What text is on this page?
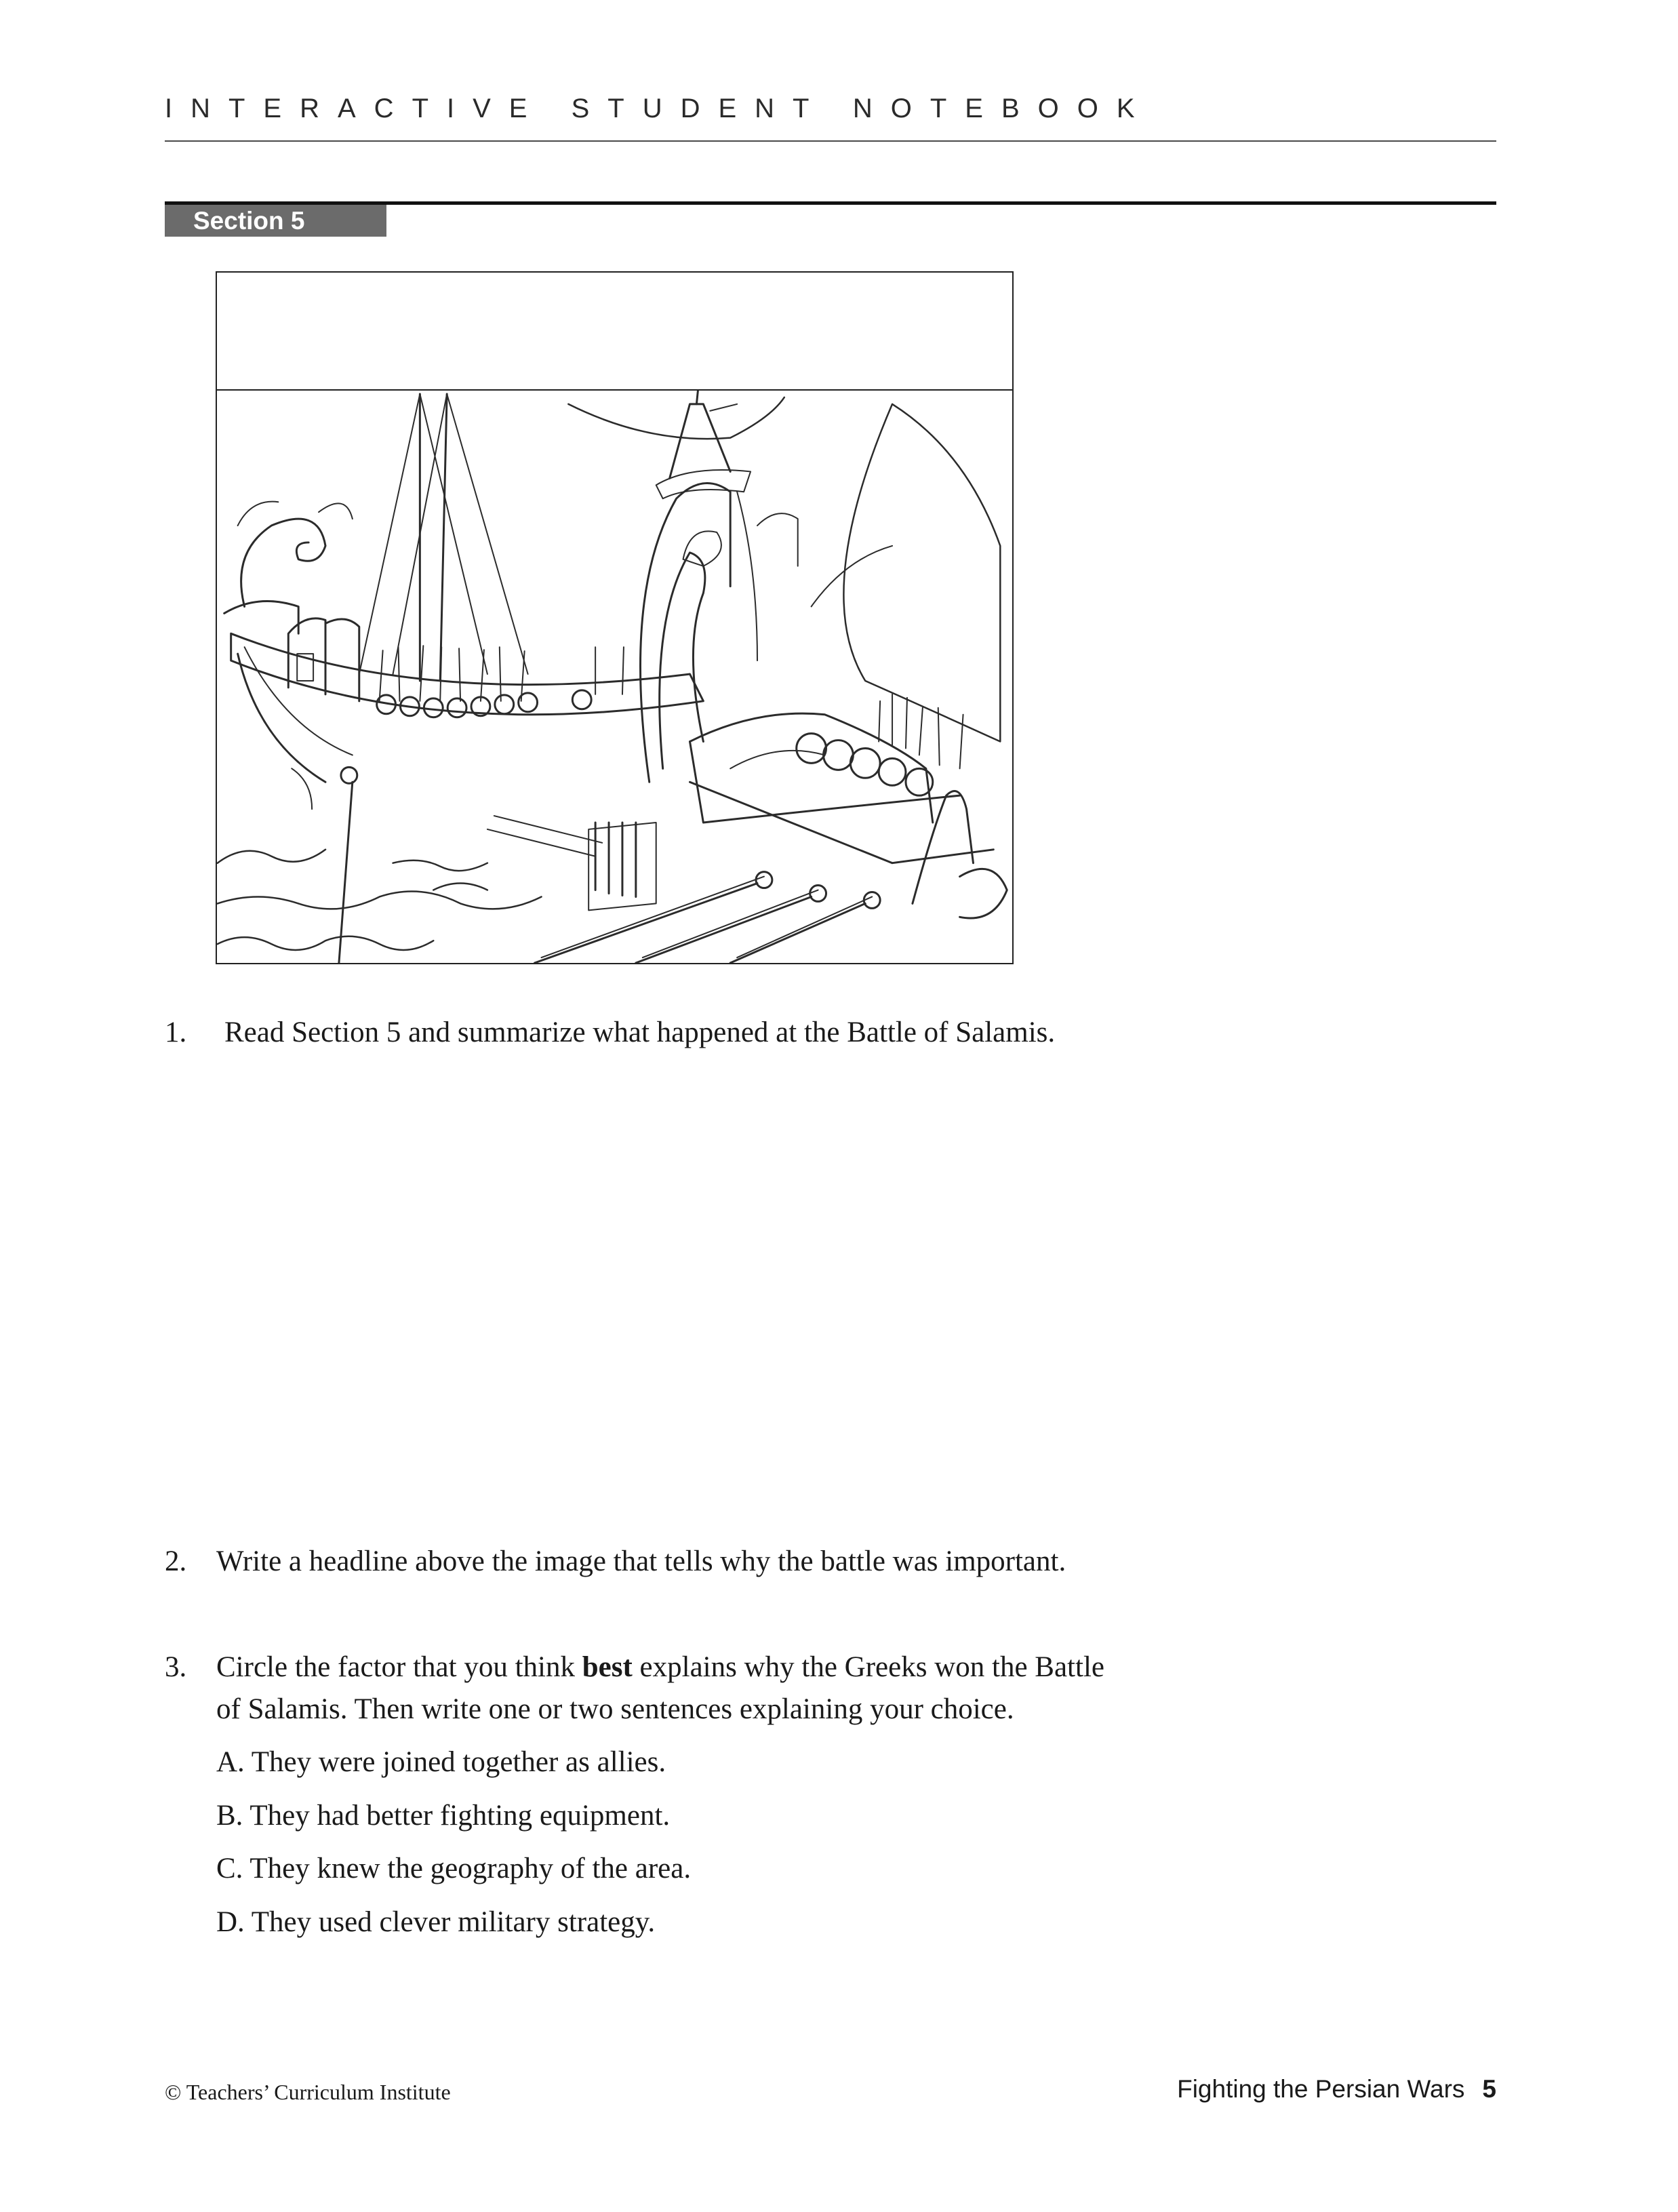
INTERACTIVE STUDENT NOTEBOOK
Section 5
1. Read Section 5 and summarize what happened at the Battle of Salamis.
2. Write a headline above the image that tells why the battle was important.
3. Circle the factor that you think best explains why the Greeks won the Battle
of Salamis. Then write one or two sentences explaining your choice.
A. They were joined together as allies.
B. They had better fighting equipment.
C. They knew the geography of the area.
D. They used clever military strategy.
© Teachers’ Curriculum Institute	Fighting the Persian Wars 5
